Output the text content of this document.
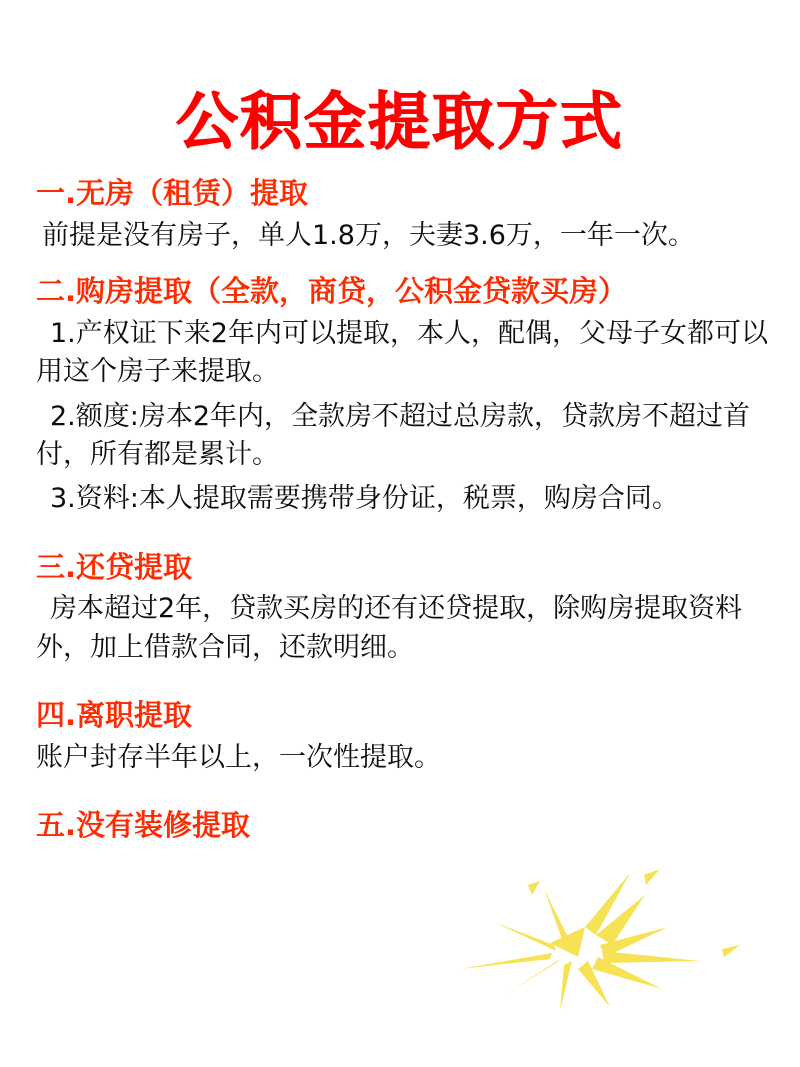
公积金提取方式

一.无房（租赁）提取

前提是没有房子，单人1.8万，夫妻3.6万，一年一次。

二.购房提取（全款，商贷，公积金贷款买房）

1.产权证下来2年内可以提取，本人，配偶，父母子女都可以用这个房子来提取。

2.额度:房本2年内，全款房不超过总房款，贷款房不超过首付，所有都是累计。

3.资料:本人提取需要携带身份证，税票，购房合同。

三.还贷提取

房本超过2年，贷款买房的还有还贷提取，除购房提取资料外，加上借款合同，还款明细。

四.离职提取

账户封存半年以上，一次性提取。

五.没有装修提取
